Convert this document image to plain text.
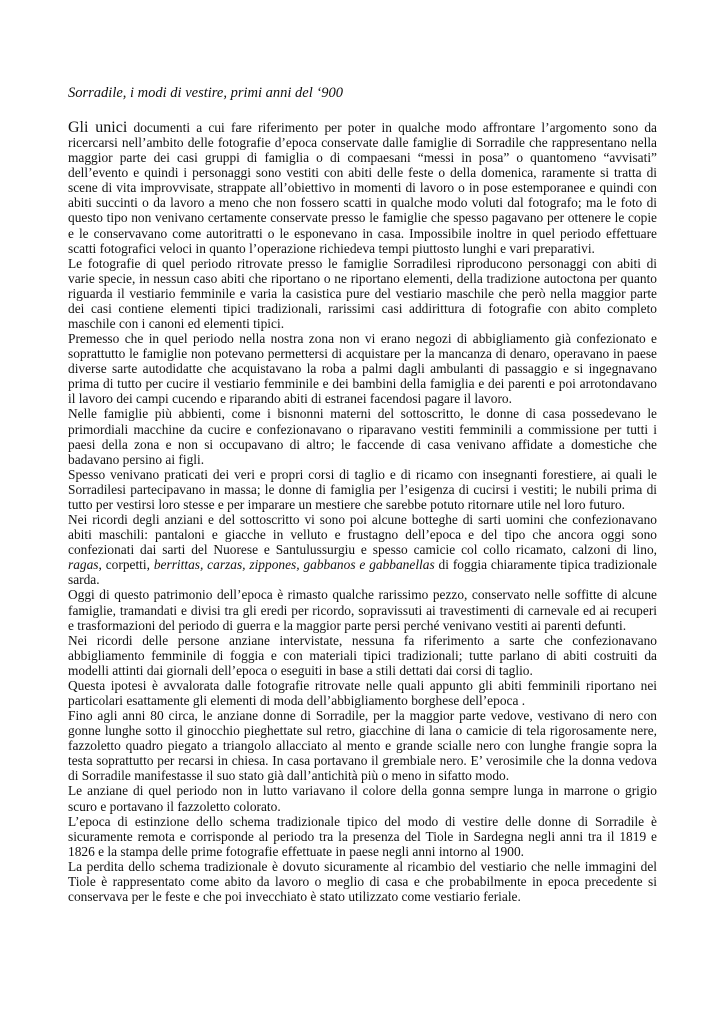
Sorradile, i modi di vestire, primi anni del ‘900
Gli unici documenti a cui fare riferimento per poter in qualche modo affrontare l’argomento sono da
ricercarsi nell’ambito delle fotografie d’epoca conservate dalle famiglie di Sorradile che rappresentano nella
maggior parte dei casi gruppi di famiglia o di compaesani “messi in posa” o quantomeno “avvisati”
dell’evento e quindi i personaggi sono vestiti con abiti delle feste o della domenica, raramente si tratta di
scene di vita improvvisate, strappate all’obiettivo in momenti di lavoro o in pose estemporanee e quindi con
abiti succinti o da lavoro a meno che non fossero scatti in qualche modo voluti dal fotografo; ma le foto di
questo tipo non venivano certamente conservate presso le famiglie che spesso pagavano per ottenere le copie
e le conservavano come autoritratti o le esponevano in casa. Impossibile inoltre in quel periodo effettuare
scatti fotografici veloci in quanto l’operazione richiedeva tempi piuttosto lunghi e vari preparativi.
Le fotografie di quel periodo ritrovate presso le famiglie Sorradilesi riproducono personaggi con abiti di
varie specie, in nessun caso abiti che riportano o ne riportano elementi, della tradizione autoctona per quanto
riguarda il vestiario femminile e varia la casistica pure del vestiario maschile che però nella maggior parte
dei casi contiene elementi tipici tradizionali, rarissimi casi addirittura di fotografie con abito completo
maschile con i canoni ed elementi tipici.
Premesso che in quel periodo nella nostra zona non vi erano negozi di abbigliamento già confezionato e
soprattutto le famiglie non potevano permettersi di acquistare per la mancanza di denaro, operavano in paese
diverse sarte autodidatte che acquistavano la roba a palmi dagli ambulanti di passaggio e si ingegnavano
prima di tutto per cucire il vestiario femminile e dei bambini della famiglia e dei parenti e poi arrotondavano
il lavoro dei campi cucendo e riparando abiti di estranei facendosi pagare il lavoro.
Nelle famiglie più abbienti, come i bisnonni materni del sottoscritto, le donne di casa possedevano le
primordiali macchine da cucire e confezionavano o riparavano vestiti femminili a commissione per tutti i
paesi della zona e non si occupavano di altro; le faccende di casa venivano affidate a domestiche che
badavano persino ai figli.
Spesso venivano praticati dei veri e propri corsi di taglio e di ricamo con insegnanti forestiere, ai quali le
Sorradilesi partecipavano in massa; le donne di famiglia per l’esigenza di cucirsi i vestiti; le nubili prima di
tutto per vestirsi loro stesse e per imparare un mestiere che sarebbe potuto ritornare utile nel loro futuro.
Nei ricordi degli anziani e del sottoscritto vi sono poi alcune botteghe di sarti uomini che confezionavano
abiti maschili: pantaloni e giacche in velluto e frustagno dell’epoca e del tipo che ancora oggi sono
confezionati dai sarti del Nuorese e Santulussurgiu e spesso camicie col collo ricamato, calzoni di lino,
ragas, corpetti, berrittas, carzas, zippones, gabbanos e gabbanellas di foggia chiaramente tipica tradizionale
sarda.
Oggi di questo patrimonio dell’epoca è rimasto qualche rarissimo pezzo, conservato nelle soffitte di alcune
famiglie, tramandati e divisi tra gli eredi per ricordo, sopravissuti ai travestimenti di carnevale ed ai recuperi
e trasformazioni del periodo di guerra e la maggior parte persi perché venivano vestiti ai parenti defunti.
Nei ricordi delle persone anziane intervistate, nessuna fa riferimento a sarte che confezionavano
abbigliamento femminile di foggia e con materiali tipici tradizionali; tutte parlano di abiti costruiti da
modelli attinti dai giornali dell’epoca o eseguiti in base a stili dettati dai corsi di taglio.
Questa ipotesi è avvalorata dalle fotografie ritrovate nelle quali appunto gli abiti femminili riportano nei
particolari esattamente gli elementi di moda dell’abbigliamento borghese dell’epoca .
Fino agli anni 80 circa, le anziane donne di Sorradile, per la maggior parte vedove, vestivano di nero con
gonne lunghe sotto il ginocchio pieghettate sul retro, giacchine di lana o camicie di tela rigorosamente nere,
fazzoletto quadro piegato a triangolo allacciato al mento e grande scialle nero con lunghe frangie sopra la
testa soprattutto per recarsi in chiesa. In casa portavano il grembiale nero. E’ verosimile che la donna vedova
di Sorradile manifestasse il suo stato già dall’antichità più o meno in sifatto modo.
Le anziane di quel periodo non in lutto variavano il colore della gonna sempre lunga in marrone o grigio
scuro e portavano il fazzoletto colorato.
L’epoca di estinzione dello schema tradizionale tipico del modo di vestire delle donne di Sorradile è
sicuramente remota e corrisponde al periodo tra la presenza del Tiole in Sardegna negli anni tra il 1819 e
1826 e la stampa delle prime fotografie effettuate in paese negli anni intorno al 1900.
La perdita dello schema tradizionale è dovuto sicuramente al ricambio del vestiario che nelle immagini del
Tiole è rappresentato come abito da lavoro o meglio di casa e che probabilmente in epoca precedente si
conservava per le feste e che poi invecchiato è stato utilizzato come vestiario feriale.
